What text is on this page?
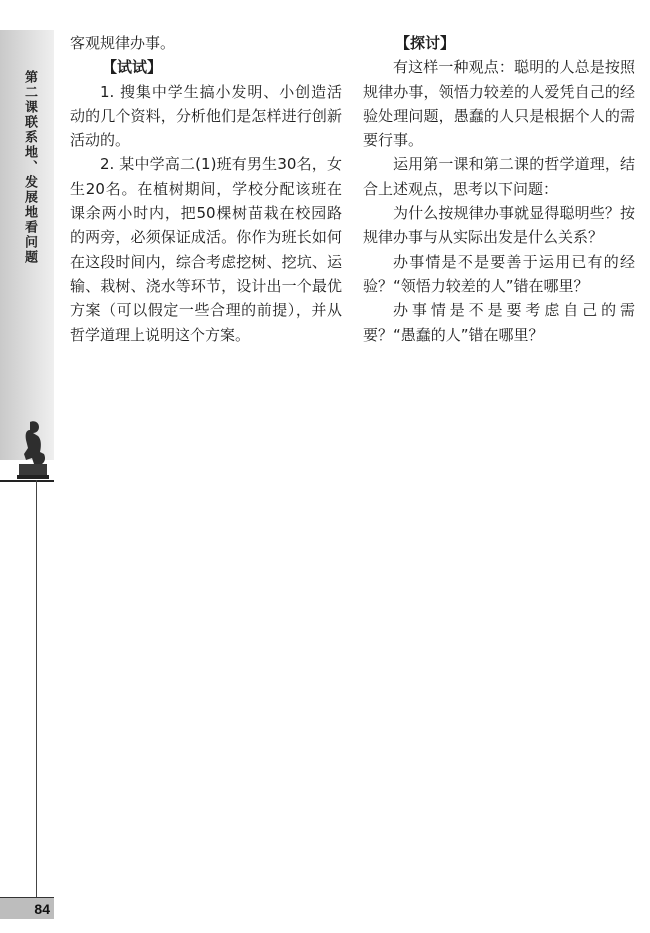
第二课联系地、发展地看问题
84

客观规律办事。

【试试】

1. 搜集中学生搞小发明、小创造活动的几个资料，分析他们是怎样进行创新活动的。

2. 某中学高二(1)班有男生30名，女生20名。在植树期间，学校分配该班在课余两小时内，把50棵树苗栽在校园路的两旁，必须保证成活。你作为班长如何在这段时间内，综合考虑挖树、挖坑、运输、栽树、浇水等环节，设计出一个最优方案（可以假定一些合理的前提），并从哲学道理上说明这个方案。

【探讨】

有这样一种观点：聪明的人总是按照规律办事，领悟力较差的人爱凭自己的经验处理问题，愚蠢的人只是根据个人的需要行事。

运用第一课和第二课的哲学道理，结合上述观点，思考以下问题：

为什么按规律办事就显得聪明些？按规律办事与从实际出发是什么关系？

办事情是不是要善于运用已有的经验？“领悟力较差的人”错在哪里？

办事情是不是要考虑自己的需要？“愚蠢的人”错在哪里？
